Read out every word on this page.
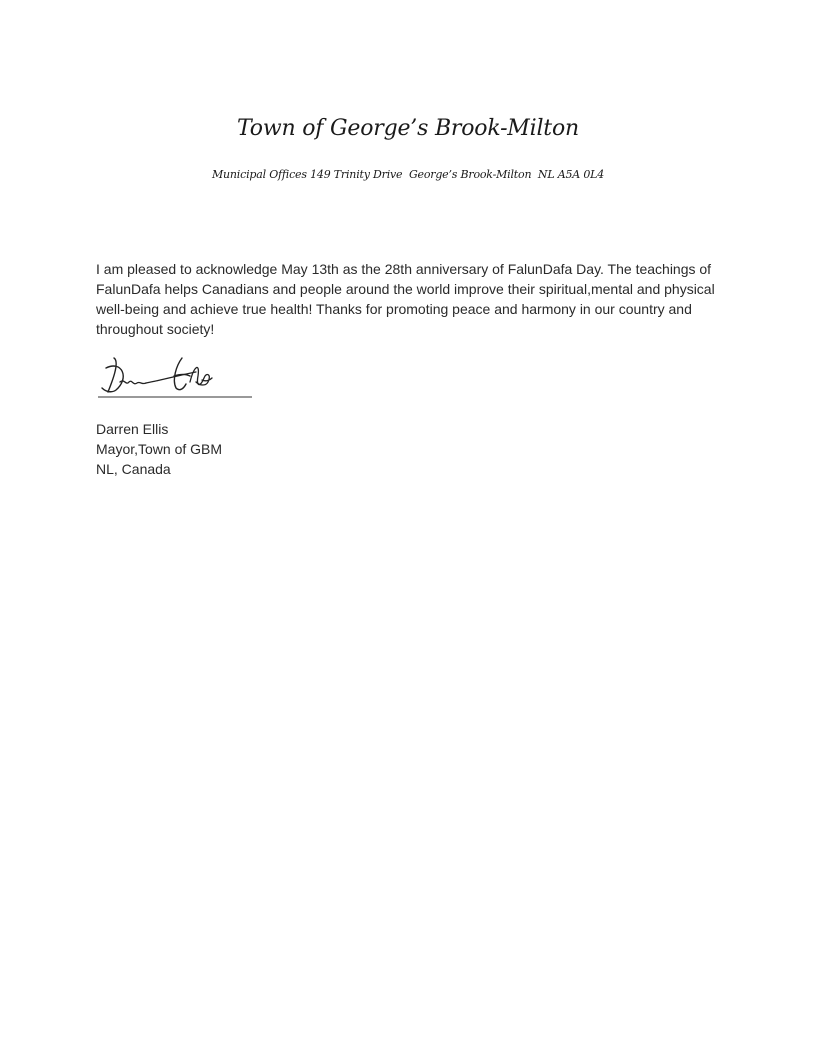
Town of George’s Brook-Milton
Municipal Offices 149 Trinity Drive  George’s Brook-Milton  NL A5A 0L4

I am pleased to acknowledge May 13th as the 28th anniversary of FalunDafa Day. The teachings of FalunDafa helps Canadians and people around the world improve their spiritual,mental and physical well-being and achieve true health! Thanks for promoting peace and harmony in our country and throughout society!

Darren Ellis
Mayor,Town of GBM
NL, Canada
